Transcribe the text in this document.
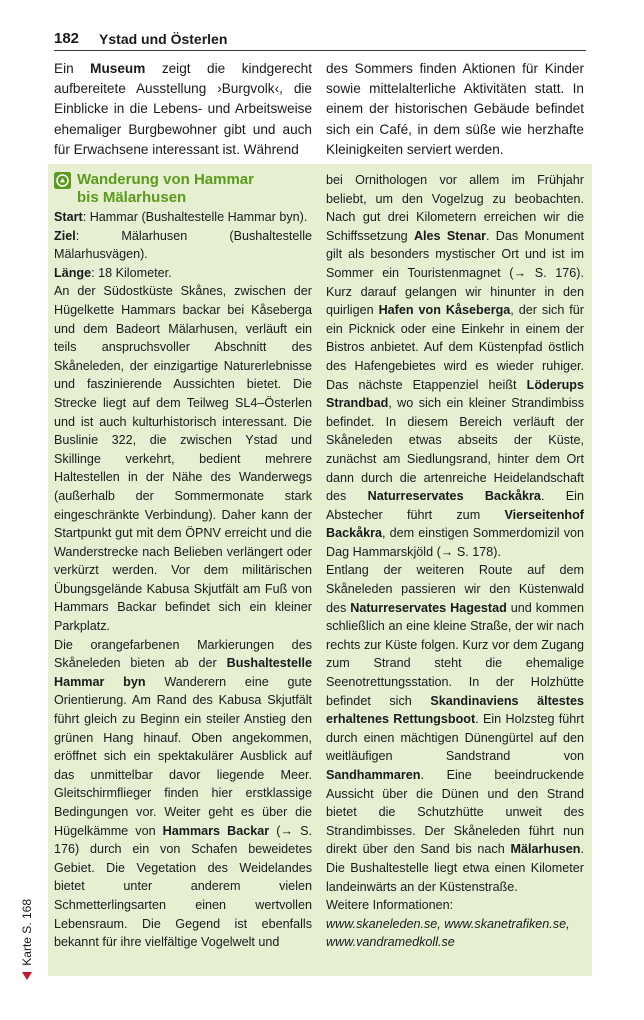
182 Ystad und Österlen
Ein Museum zeigt die kindgerecht aufbereitete Ausstellung ›Burgvolk‹, die Einblicke in die Lebens- und Arbeitsweise ehemaliger Burgbewohner gibt und auch für Erwachsene interessant ist. Während
des Sommers finden Aktionen für Kinder sowie mittelalterliche Aktivitäten statt. In einem der historischen Gebäude befindet sich ein Café, in dem süße wie herzhafte Kleinigkeiten serviert werden.
Wanderung von Hammar
bis Mälarhusen

Start: Hammar (Bushaltestelle Hammar byn).

Ziel: Mälarhusen (Bushaltestelle Mälarhusvägen).

Länge: 18 Kilometer.

An der Südostküste Skånes, zwischen der Hügelkette Hammars backar bei Kåseberga und dem Badeort Mälarhusen, verläuft ein teils anspruchsvoller Abschnitt des Skåneleden, der einzigartige Naturerlebnisse und faszinierende Aussichten bietet. Die Strecke liegt auf dem Teilweg SL4–Österlen und ist auch kulturhistorisch interessant. Die Buslinie 322, die zwischen Ystad und Skillinge verkehrt, bedient mehrere Haltestellen in der Nähe des Wanderwegs (außerhalb der Sommermonate stark eingeschränkte Verbindung). Daher kann der Startpunkt gut mit dem ÖPNV erreicht und die Wanderstrecke nach Belieben verlängert oder verkürzt werden. Vor dem militärischen Übungsgelände Kabusa Skjutfält am Fuß von Hammars Backar befindet sich ein kleiner Parkplatz.

Die orangefarbenen Markierungen des Skåneleden bieten ab der Bushaltestelle Hammar byn Wanderern eine gute Orientierung. Am Rand des Kabusa Skjutfält führt gleich zu Beginn ein steiler Anstieg den grünen Hang hinauf. Oben angekommen, eröffnet sich ein spektakulärer Ausblick auf das unmittelbar davor liegende Meer. Gleitschirmflieger finden hier erstklassige Bedingungen vor. Weiter geht es über die Hügelkämme von Hammars Backar (→ S. 176) durch ein von Schafen beweidetes Gebiet. Die Vegetation des Weidelandes bietet unter anderem vielen Schmetterlingsarten einen wertvollen Lebensraum. Die Gegend ist ebenfalls bekannt für ihre vielfältige Vogelwelt und

bei Ornithologen vor allem im Frühjahr beliebt, um den Vogelzug zu beobachten. Nach gut drei Kilometern erreichen wir die Schiffssetzung Ales Stenar. Das Monument gilt als besonders mystischer Ort und ist im Sommer ein Touristenmagnet (→ S. 176). Kurz darauf gelangen wir hinunter in den quirligen Hafen von Kåseberga, der sich für ein Picknick oder eine Einkehr in einem der Bistros anbietet. Auf dem Küstenpfad östlich des Hafengebietes wird es wieder ruhiger. Das nächste Etappenziel heißt Löderups Strandbad, wo sich ein kleiner Strandimbiss befindet. In diesem Bereich verläuft der Skåneleden etwas abseits der Küste, zunächst am Siedlungsrand, hinter dem Ort dann durch die artenreiche Heidelandschaft des Naturreservates Backåkra. Ein Abstecher führt zum Vierseitenhof Backåkra, dem einstigen Sommerdomizil von Dag Hammarskjöld (→ S. 178).

Entlang der weiteren Route auf dem Skåneleden passieren wir den Küstenwald des Naturreservates Hagestad und kommen schließlich an eine kleine Straße, der wir nach rechts zur Küste folgen. Kurz vor dem Zugang zum Strand steht die ehemalige Seenotrettungsstation. In der Holzhütte befindet sich Skandinaviens ältestes erhaltenes Rettungsboot. Ein Holzsteg führt durch einen mächtigen Dünengürtel auf den weitläufigen Sandstrand von Sandhammaren. Eine beeindruckende Aussicht über die Dünen und den Strand bietet die Schutzhütte unweit des Strandimbisses. Der Skåneleden führt nun direkt über den Sand bis nach Mälarhusen. Die Bushaltestelle liegt etwa einen Kilometer landeinwärts an der Küstenstraße.

Weitere Informationen:

www.skaneleden.se, www.skanetrafiken.se, www.vandramedkoll.se

Karte S. 168
